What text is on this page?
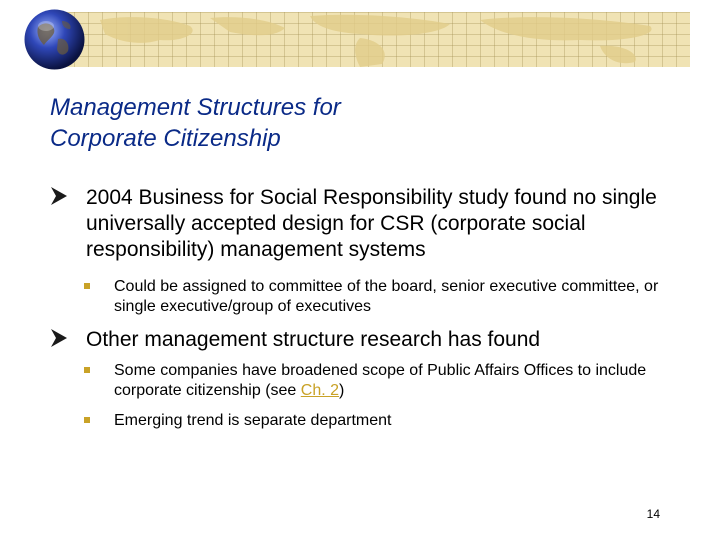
Management Structures for
Corporate Citizenship
2004 Business for Social Responsibility study found no single universally accepted design for CSR (corporate social responsibility) management systems
Could be assigned to committee of the board, senior executive committee, or single executive/group of executives
Other management structure research has found
Some companies have broadened scope of Public Affairs Offices to include corporate citizenship (see Ch. 2)
Emerging trend is separate department
14
